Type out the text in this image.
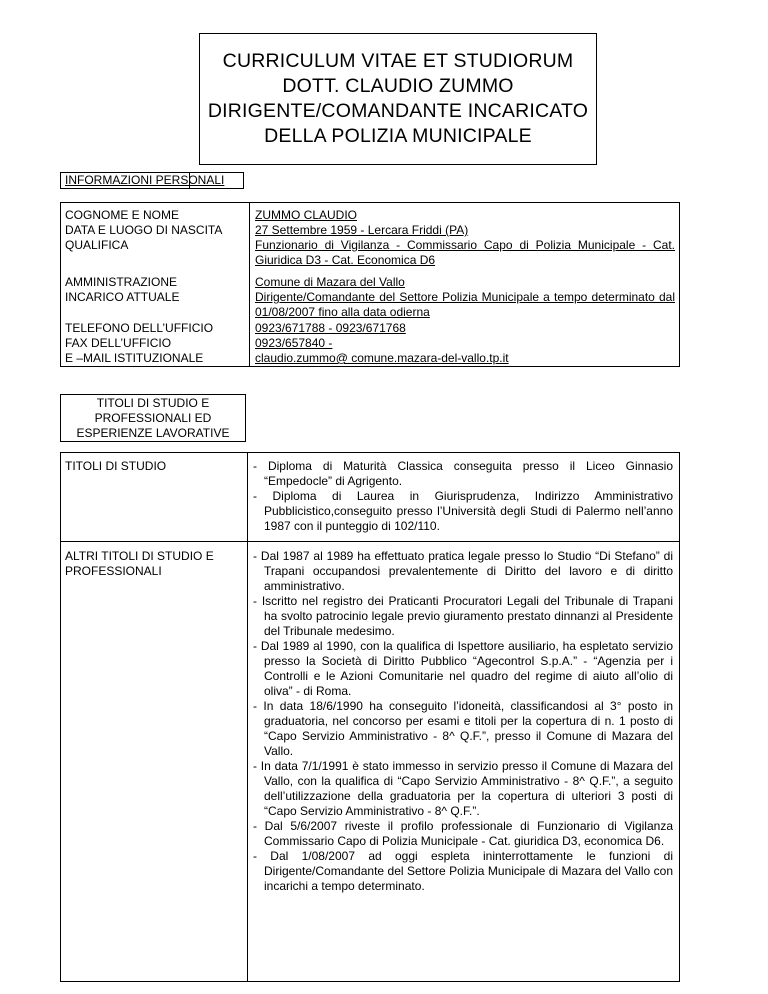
CURRICULUM VITAE ET STUDIORUM
DOTT. CLAUDIO ZUMMO
DIRIGENTE/COMANDANTE INCARICATO
DELLA POLIZIA MUNICIPALE
INFORMAZIONI PERSONALI
COGNOME E NOME
DATA E LUOGO DI NASCITA
QUALIFICA
AMMINISTRAZIONE
INCARICO ATTUALE
TELEFONO DELL’UFFICIO
FAX DELL’UFFICIO
E –MAIL ISTITUZIONALE
ZUMMO CLAUDIO
27 Settembre 1959 - Lercara Friddi (PA)
Funzionario di Vigilanza - Commissario Capo di Polizia Municipale - Cat. Giuridica D3 - Cat. Economica D6
Comune di Mazara del Vallo
Dirigente/Comandante del Settore Polizia Municipale a tempo determinato dal 01/08/2007 fino alla data odierna
0923/671788 - 0923/671768
0923/657840 -
claudio.zummo@ comune.mazara-del-vallo.tp.it
TITOLI DI STUDIO E
PROFESSIONALI ED
ESPERIENZE LAVORATIVE
TITOLI DI STUDIO	- Diploma di Maturità Classica conseguita presso il Liceo Ginnasio “Empedocle” di Agrigento.

- Diploma di Laurea in Giurisprudenza, Indirizzo Amministrativo Pubblicistico,conseguito presso l’Università degli Studi di Palermo nell’anno 1987 con il punteggio di 102/110.

ALTRI TITOLI DI STUDIO E
PROFESSIONALI

- Dal 1987 al 1989 ha effettuato pratica legale presso lo Studio “Di Stefano” di Trapani occupandosi prevalentemente di Diritto del lavoro e di diritto amministrativo.

- Iscritto nel registro dei Praticanti Procuratori Legali del Tribunale di Trapani ha svolto patrocinio legale previo giuramento prestato dinnanzi al Presidente del Tribunale medesimo.

- Dal 1989 al 1990, con la qualifica di Ispettore ausiliario, ha espletato servizio presso la Società di Diritto Pubblico “Agecontrol S.p.A.” - “Agenzia per i Controlli e le Azioni Comunitarie nel quadro del regime di aiuto all’olio di oliva” - di Roma.

- In data 18/6/1990 ha conseguito l’idoneità, classificandosi al 3° posto in graduatoria, nel concorso per esami e titoli per la copertura di n. 1 posto di “Capo Servizio Amministrativo - 8^ Q.F.”, presso il Comune di Mazara del Vallo.

- In data 7/1/1991 è stato immesso in servizio presso il Comune di Mazara del Vallo, con la qualifica di “Capo Servizio Amministrativo - 8^ Q.F.”, a seguito dell’utilizzazione della graduatoria per la copertura di ulteriori 3 posti di “Capo Servizio Amministrativo - 8^ Q.F.”.

- Dal 5/6/2007 riveste il profilo professionale di Funzionario di Vigilanza Commissario Capo di Polizia Municipale - Cat. giuridica D3, economica D6.

- Dal 1/08/2007 ad oggi espleta ininterrottamente le funzioni di Dirigente/Comandante del Settore Polizia Municipale di Mazara del Vallo con incarichi a tempo determinato.
